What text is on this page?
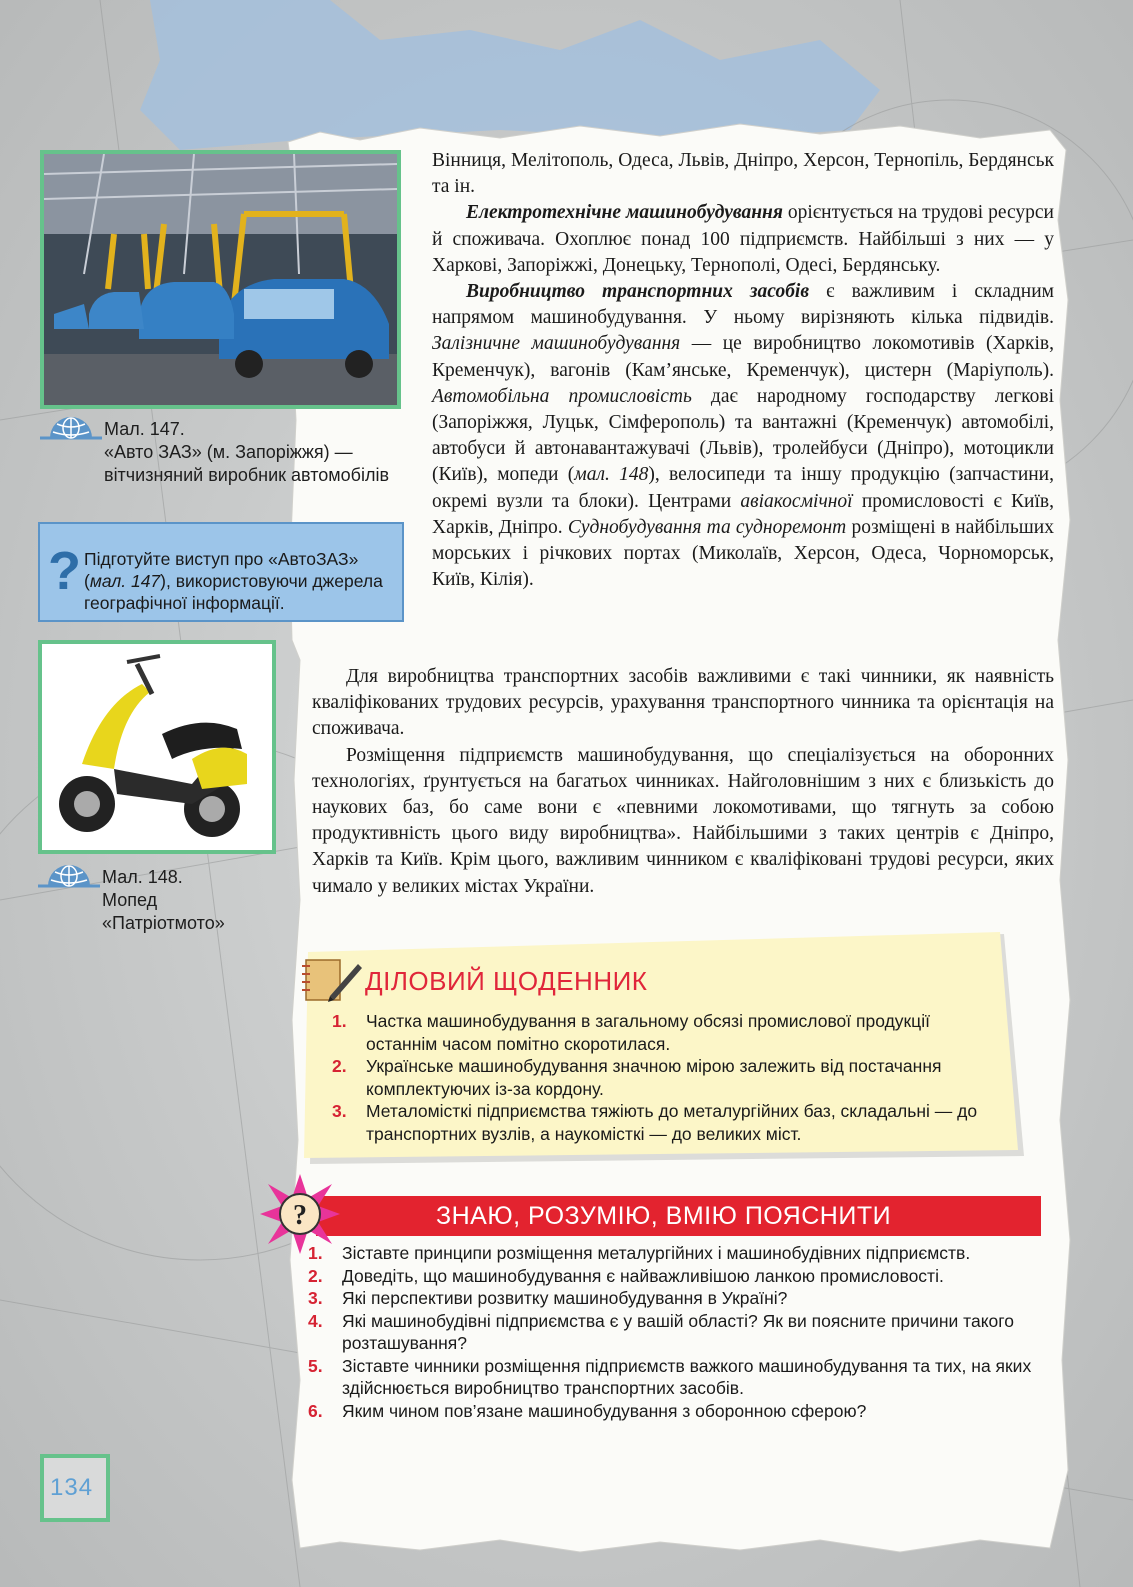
Мал. 147.
«Авто ЗАЗ» (м. Запоріжжя) — вітчизняний виробник автомобілів
? Підготуйте виступ про «АвтоЗАЗ» (мал. 147), використовуючи джерела географічної інформації.
Мал. 148.
Мопед «Патріотмото»

Вінниця, Мелітополь, Одеса, Львів, Дніпро, Херсон, Тернопіль, Бердянськ та ін.

Електротехнічне машинобудування орієнтується на трудові ресурси й споживача. Охоплює понад 100 підприємств. Найбільші з них — у Харкові, Запоріжжі, Донецьку, Тернополі, Одесі, Бердянську.

Виробництво транспортних засобів є важливим і складним напрямом машинобудування. У ньому вирізняють кілька підвидів. Залізничне машинобудування — це виробництво локомотивів (Харків, Кременчук), вагонів (Кам’янське, Кременчук), цистерн (Маріуполь). Автомобільна промисловість дає народному господарству легкові (Запоріжжя, Луцьк, Сімферополь) та вантажні (Кременчук) автомобілі, автобуси й автонавантажувачі (Львів), тролейбуси (Дніпро), мотоцикли (Київ), мопеди (мал. 148), велосипеди та іншу продукцію (запчастини, окремі вузли та блоки). Центрами авіакосмічної промисловості є Київ, Харків, Дніпро. Суднобудування та судноремонт розміщені в найбільших морських і річкових портах (Миколаїв, Херсон, Одеса, Чорноморськ, Київ, Кілія).

Для виробництва транспортних засобів важливими є такі чинники, як наявність кваліфікованих трудових ресурсів, урахування транспортного чинника та орієнтація на споживача.

Розміщення підприємств машинобудування, що спеціалізується на оборонних технологіях, ґрунтується на багатьох чинниках. Найголовнішим з них є близькість до наукових баз, бо саме вони є «певними локомотивами, що тягнуть за собою продуктивність цього виду виробництва». Найбільшими з таких центрів є Дніпро, Харків та Київ. Крім цього, важливим чинником є кваліфіковані трудові ресурси, яких чимало у великих містах України.

ДІЛОВИЙ ЩОДЕННИК
1. Частка машинобудування в загальному обсязі промислової продукції останнім часом помітно скоротилася.
2. Українське машинобудування значною мірою залежить від постачання комплектуючих із-за кордону.
3. Металомісткі підприємства тяжіють до металургійних баз, складальні — до транспортних вузлів, а наукомісткі — до великих міст.
?	ЗНАЮ, РОЗУМІЮ, ВМІЮ ПОЯСНИТИ
1. Зіставте принципи розміщення металургійних і машинобудівних підприємств.
2. Доведіть, що машинобудування є найважливішою ланкою промисловості.
3. Які перспективи розвитку машинобудування в Україні?
4. Які машинобудівні підприємства є у вашій області? Як ви поясните причини такого розташування?
5. Зіставте чинники розміщення підприємств важкого машинобудування та тих, на яких здійснюється виробництво транспортних засобів.
6. Яким чином пов’язане машинобудування з оборонною сферою?
134
